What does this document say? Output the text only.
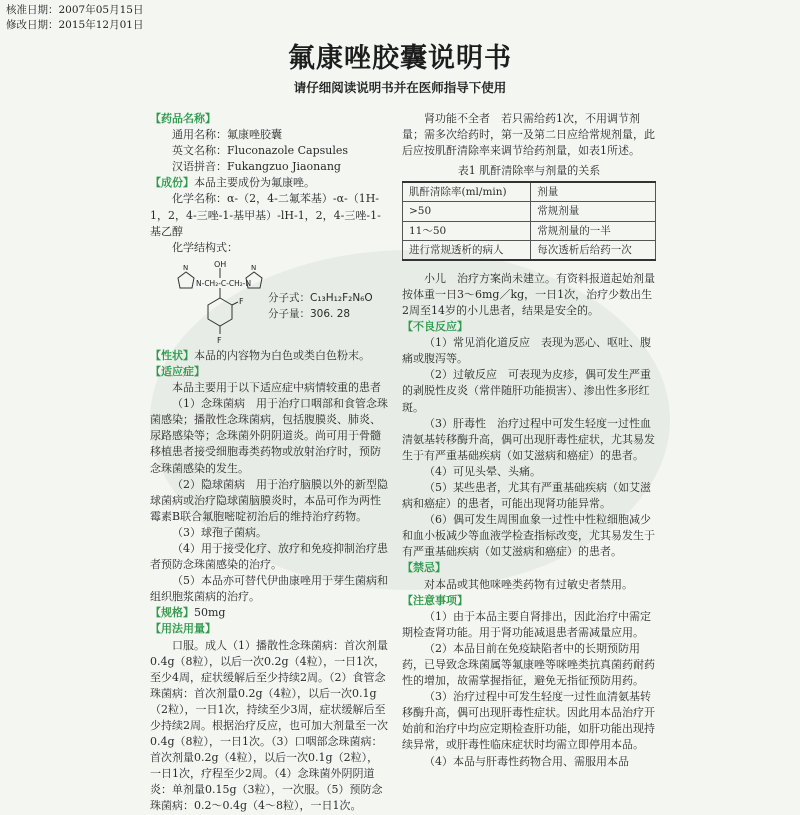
核准日期：2007年05月15日
修改日期：2015年12月01日
氟康唑胶囊说明书
请仔细阅读说明书并在医师指导下使用
【药品名称】
通用名称：氟康唑胶囊
英文名称：Fluconazole Capsules
汉语拼音：Fukangzuo Jiaonang
【成份】本品主要成份为氟康唑。
化学名称：α-（2，4-二氟苯基）-α-（1H-1，2，4-三唑-1-基甲基）-lH-1，2，4-三唑-1-基乙醇
化学结构式：
OH
N-CH₂-C-CH₂-N
N	N
F
F
分子式：C₁₃H₁₂F₂N₆O
分子量：306. 28
【性状】本品的内容物为白色或类白色粉末。
【适应症】
本品主要用于以下适应症中病情较重的患者
（1）念珠菌病　用于治疗口咽部和食管念珠菌感染；播散性念珠菌病，包括腹膜炎、肺炎、尿路感染等；念珠菌外阴阴道炎。尚可用于骨髓移植患者接受细胞毒类药物或放射治疗时，预防念珠菌感染的发生。
（2）隐球菌病　用于治疗脑膜以外的新型隐球菌病或治疗隐球菌脑膜炎时，本品可作为两性霉素B联合氟胞嘧啶初治后的维持治疗药物。
（3）球孢子菌病。
（4）用于接受化疗、放疗和免疫抑制治疗患者预防念珠菌感染的治疗。
（5）本品亦可替代伊曲康唑用于芽生菌病和组织胞浆菌病的治疗。
【规格】50mg
【用法用量】
口服。成人（1）播散性念珠菌病：首次剂量0.4g（8粒），以后一次0.2g（4粒），一日1次，至少4周，症状缓解后至少持续2周。（2）食管念珠菌病：首次剂量0.2g（4粒），以后一次0.1g（2粒），一日1次，持续至少3周，症状缓解后至少持续2周。根据治疗反应，也可加大剂量至一次0.4g（8粒），一日1次。（3）口咽部念珠菌病：首次剂量0.2g（4粒），以后一次0.1g（2粒），一日1次，疗程至少2周。（4）念珠菌外阴阴道炎：单剂量0.15g（3粒），一次服。（5）预防念珠菌病：0.2～0.4g（4～8粒），一日1次。
肾功能不全者　若只需给药1次，不用调节剂量；需多次给药时，第一及第二日应给常规剂量，此后应按肌酐清除率来调节给药剂量，如表1所述。
表1 肌酐清除率与剂量的关系
肌酐清除率(ml/min)	剂量
>50	常规剂量
11～50	常规剂量的一半
进行常规透析的病人	每次透析后给药一次
小儿　治疗方案尚未建立。有资料报道起始剂量按体重一日3～6mg／kg，一日1次，治疗少数出生2周至14岁的小儿患者，结果是安全的。
【不良反应】
（1）常见消化道反应　表现为恶心、呕吐、腹痛或腹泻等。
（2）过敏反应　可表现为皮疹，偶可发生严重的剥脱性皮炎（常伴随肝功能损害）、渗出性多形红斑。
（3）肝毒性　治疗过程中可发生轻度一过性血清氨基转移酶升高，偶可出现肝毒性症状，尤其易发生于有严重基础疾病（如艾滋病和癌症）的患者。
（4）可见头晕、头痛。
（5）某些患者，尤其有严重基础疾病（如艾滋病和癌症）的患者，可能出现肾功能异常。
（6）偶可发生周围血象一过性中性粒细胞减少和血小板减少等血液学检查指标改变，尤其易发生于有严重基础疾病（如艾滋病和癌症）的患者。
【禁忌】
对本品或其他咪唑类药物有过敏史者禁用。
【注意事项】
（1）由于本品主要自肾排出，因此治疗中需定期检查肾功能。用于肾功能减退患者需减量应用。
（2）本品目前在免疫缺陷者中的长期预防用药，已导致念珠菌属等氟康唑等咪唑类抗真菌药耐药性的增加，故需掌握指征，避免无指征预防用药。
（3）治疗过程中可发生轻度一过性血清氨基转移酶升高，偶可出现肝毒性症状。因此用本品治疗开始前和治疗中均应定期检查肝功能，如肝功能出现持续异常，或肝毒性临床症状时均需立即停用本品。
（4）本品与肝毒性药物合用、需服用本品
